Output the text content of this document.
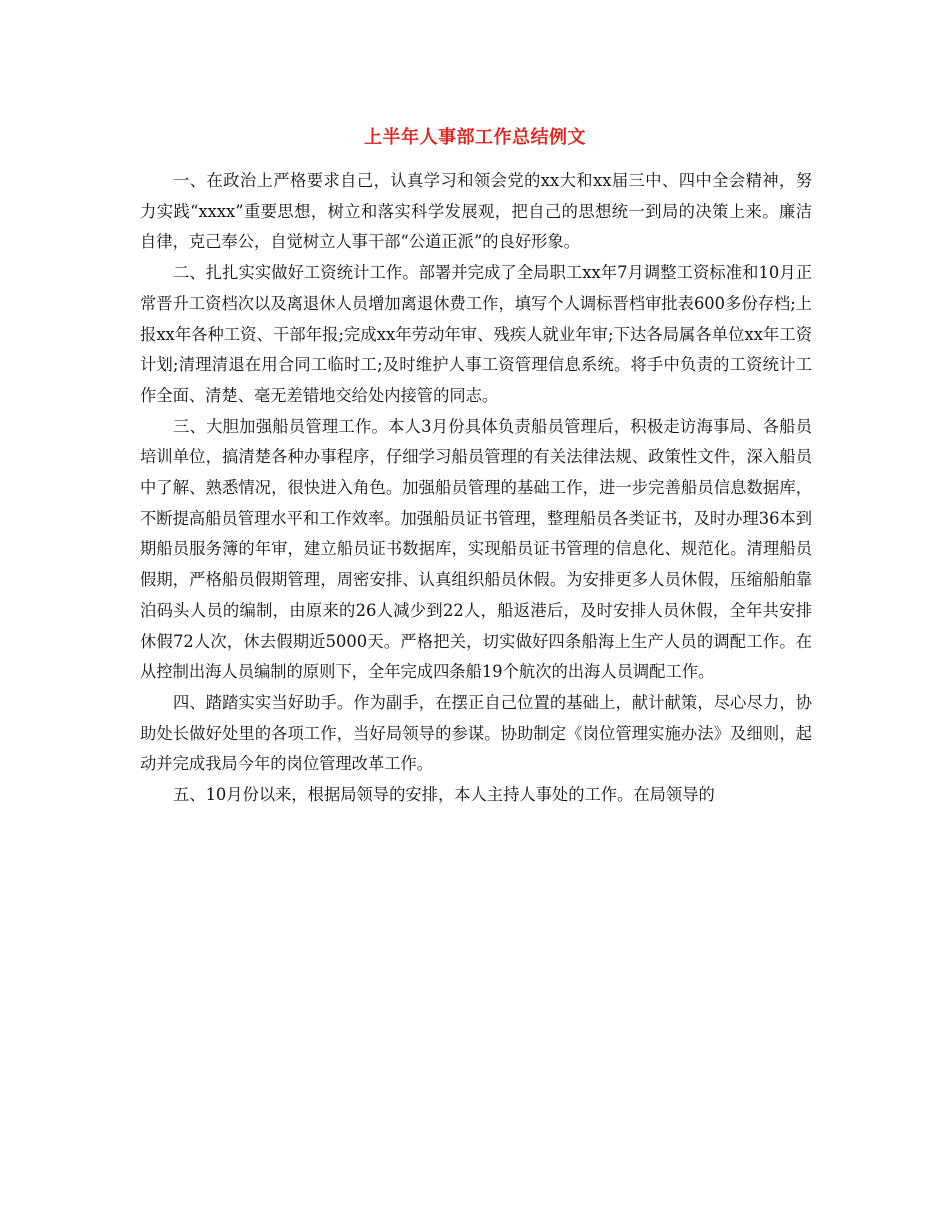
上半年人事部工作总结例文

一、在政治上严格要求自己，认真学习和领会党的xx大和xx届三中、四中全会精神，努力实践“xxxx”重要思想，树立和落实科学发展观，把自己的思想统一到局的决策上来。廉洁自律，克己奉公，自觉树立人事干部“公道正派”的良好形象。

二、扎扎实实做好工资统计工作。部署并完成了全局职工xx年7月调整工资标准和10月正常晋升工资档次以及离退休人员增加离退休费工作，填写个人调标晋档审批表600多份存档;上报xx年各种工资、干部年报;完成xx年劳动年审、残疾人就业年审;下达各局属各单位xx年工资计划;清理清退在用合同工临时工;及时维护人事工资管理信息系统。将手中负责的工资统计工作全面、清楚、毫无差错地交给处内接管的同志。

三、大胆加强船员管理工作。本人3月份具体负责船员管理后，积极走访海事局、各船员培训单位，搞清楚各种办事程序，仔细学习船员管理的有关法律法规、政策性文件，深入船员中了解、熟悉情况，很快进入角色。加强船员管理的基础工作，进一步完善船员信息数据库，不断提高船员管理水平和工作效率。加强船员证书管理，整理船员各类证书，及时办理36本到期船员服务簿的年审，建立船员证书数据库，实现船员证书管理的信息化、规范化。清理船员假期，严格船员假期管理，周密安排、认真组织船员休假。为安排更多人员休假，压缩船舶靠泊码头人员的编制，由原来的26人减少到22人，船返港后，及时安排人员休假，全年共安排休假72人次，休去假期近5000天。严格把关，切实做好四条船海上生产人员的调配工作。在从控制出海人员编制的原则下，全年完成四条船19个航次的出海人员调配工作。

四、踏踏实实当好助手。作为副手，在摆正自己位置的基础上，献计献策，尽心尽力，协助处长做好处里的各项工作，当好局领导的参谋。协助制定《岗位管理实施办法》及细则，起动并完成我局今年的岗位管理改革工作。

五、10月份以来，根据局领导的安排，本人主持人事处的工作。在局领导的
